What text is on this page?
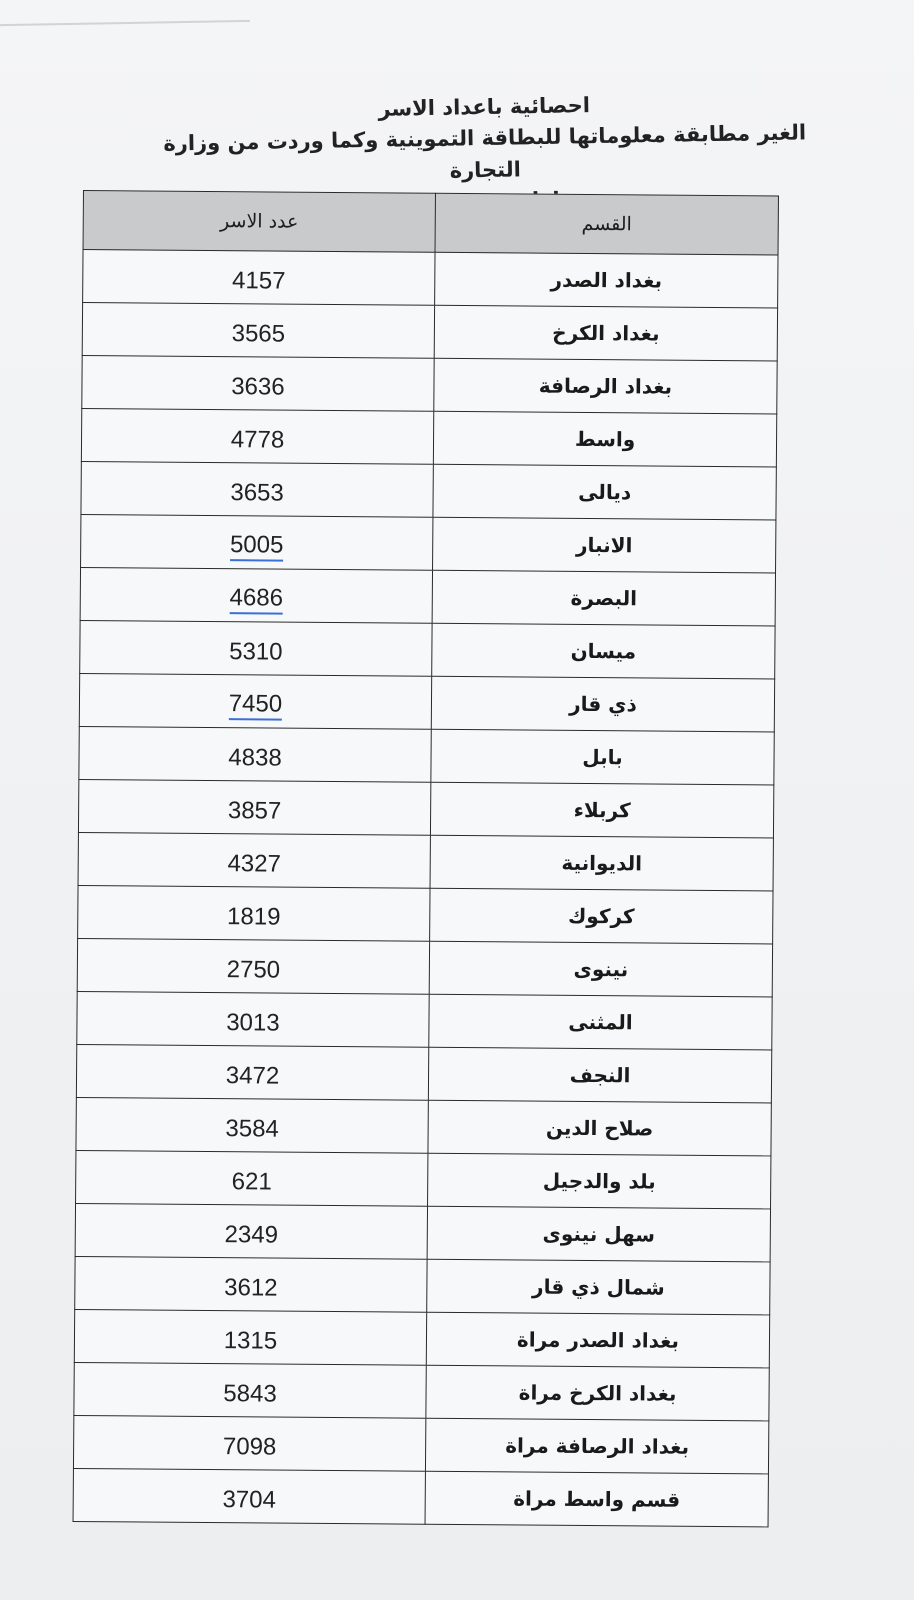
احصائية باعداد الاسر
الغير مطابقة معلوماتها للبطاقة التموينية وكما وردت من وزارة التجارة
القسم	عدد الاسر
بغداد الصدر	4157
بغداد الكرخ	3565
بغداد الرصافة	3636
واسط	4778
ديالى	3653
الانبار	5005
البصرة	4686
ميسان	5310
ذي قار	7450
بابل	4838
كربلاء	3857
الديوانية	4327
كركوك	1819
نينوى	2750
المثنى	3013
النجف	3472
صلاح الدين	3584
بلد والدجيل	621
سهل نينوى	2349
شمال ذي قار	3612
بغداد الصدر مراة	1315
بغداد الكرخ مراة	5843
بغداد الرصافة مراة	7098
قسم واسط مراة	3704
